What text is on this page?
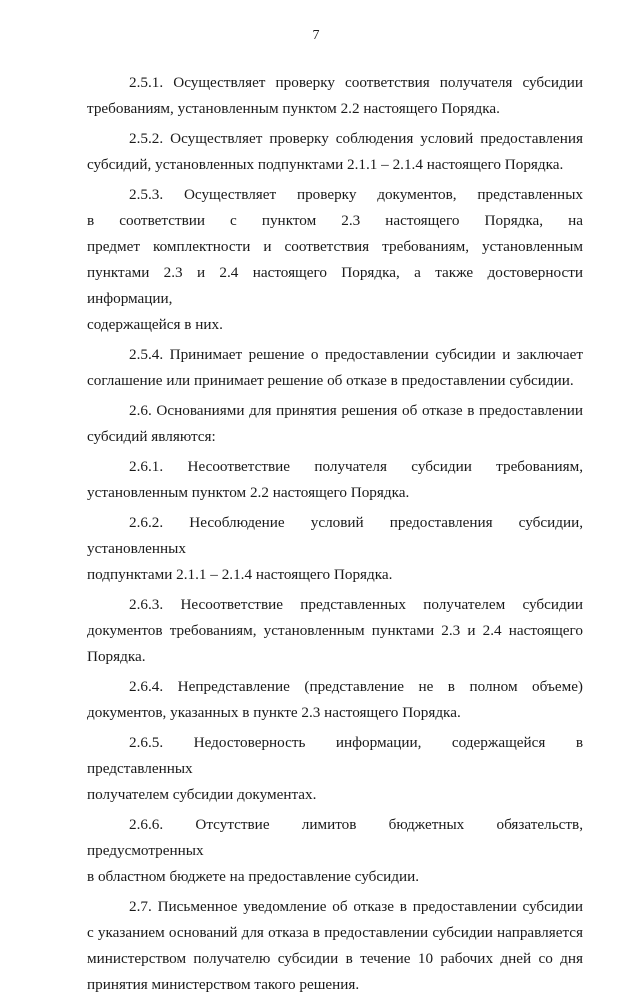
7
2.5.1. Осуществляет проверку соответствия получателя субсидии
требованиям, установленным пунктом 2.2 настоящего Порядка.
2.5.2. Осуществляет проверку соблюдения условий предоставления
субсидий, установленных подпунктами 2.1.1 – 2.1.4 настоящего Порядка.
2.5.3. Осуществляет проверку документов, представленных
в соответствии с пунктом 2.3 настоящего Порядка, на
предмет комплектности и соответствия требованиям, установленным
пунктами 2.3 и 2.4 настоящего Порядка, а также достоверности информации,
содержащейся в них.
2.5.4. Принимает решение о предоставлении субсидии и заключает
соглашение или принимает решение об отказе в предоставлении субсидии.
2.6. Основаниями для принятия решения об отказе в предоставлении
субсидий являются:
2.6.1. Несоответствие получателя субсидии требованиям,
установленным пунктом 2.2 настоящего Порядка.
2.6.2. Несоблюдение условий предоставления субсидии, установленных
подпунктами 2.1.1 – 2.1.4 настоящего Порядка.
2.6.3. Несоответствие представленных получателем субсидии
документов требованиям, установленным пунктами 2.3 и 2.4 настоящего
Порядка.
2.6.4. Непредставление (представление не в полном объеме)
документов, указанных в пункте 2.3 настоящего Порядка.
2.6.5. Недостоверность информации, содержащейся в представленных
получателем субсидии документах.
2.6.6. Отсутствие лимитов бюджетных обязательств, предусмотренных
в областном бюджете на предоставление субсидии.
2.7. Письменное уведомление об отказе в предоставлении субсидии
с указанием оснований для отказа в предоставлении субсидии направляется
министерством получателю субсидии в течение 10 рабочих дней со дня
принятия министерством такого решения.
